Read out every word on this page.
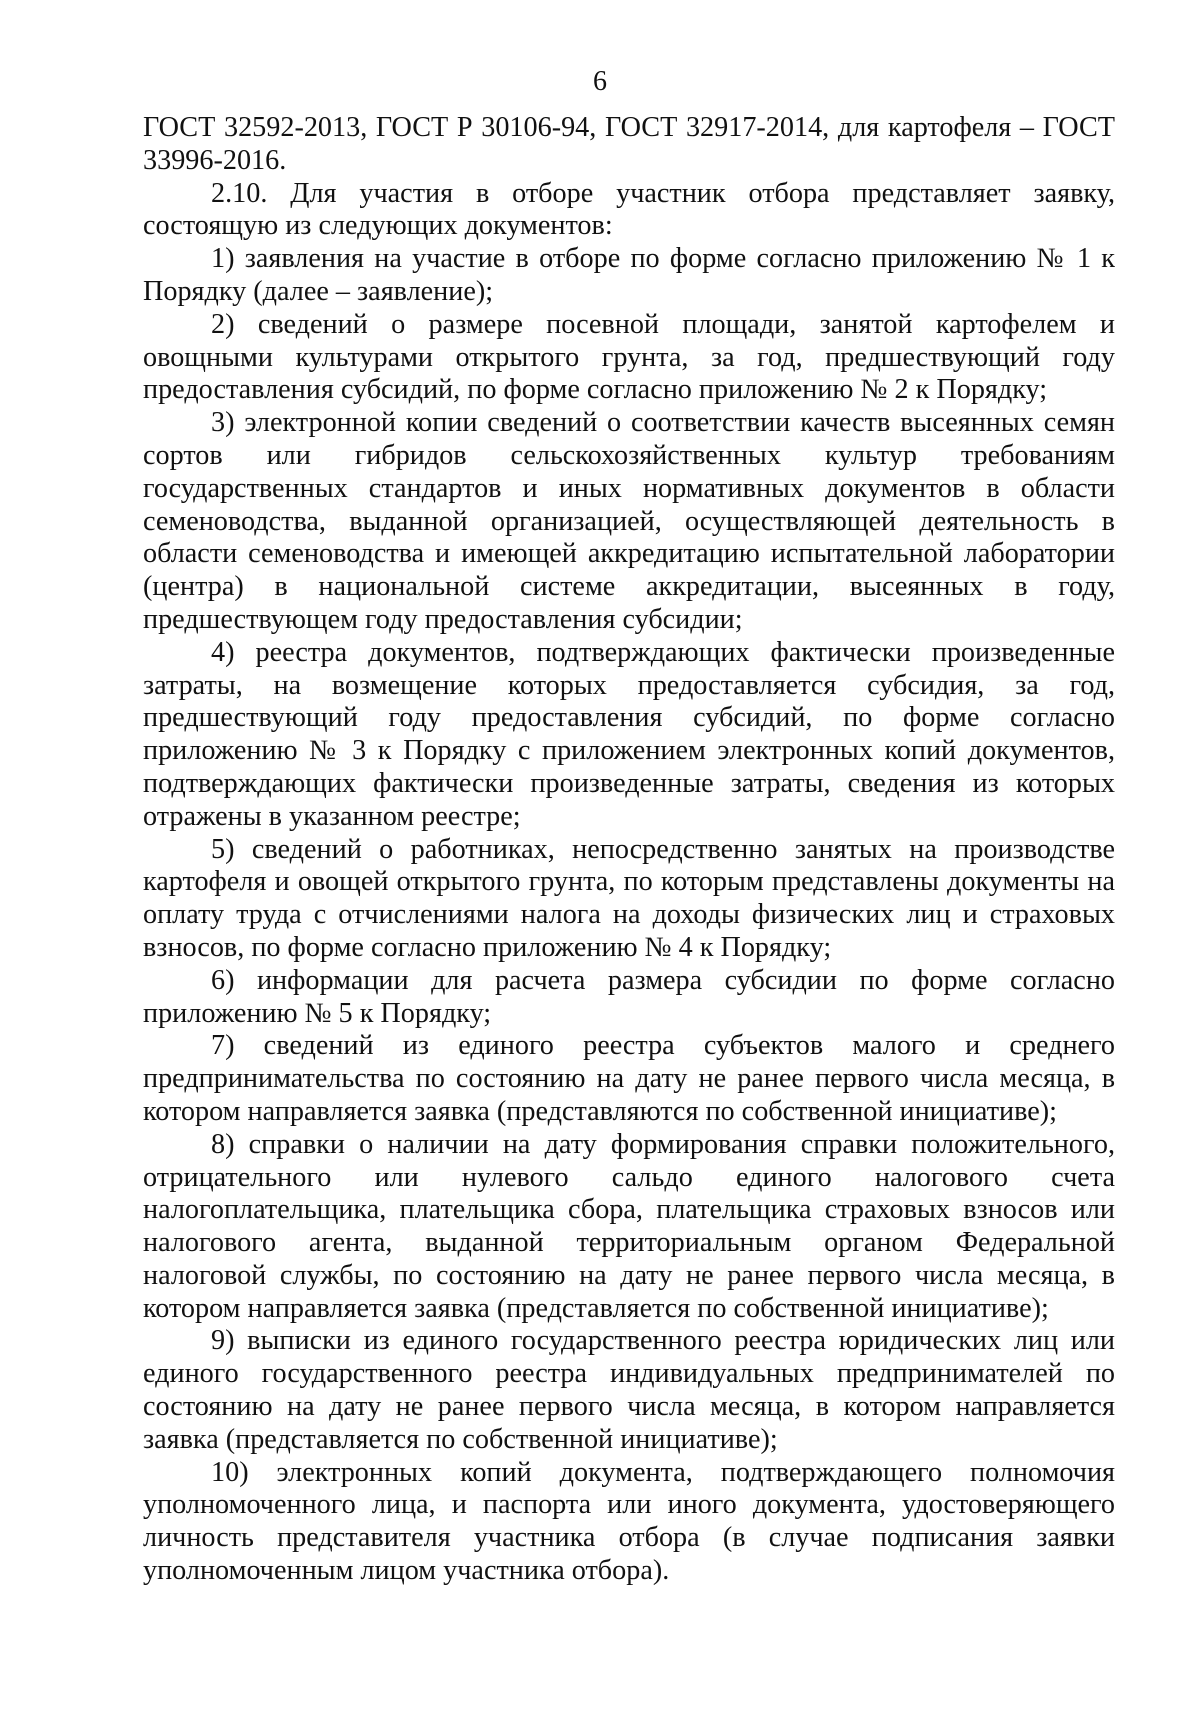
6

ГОСТ 32592-2013, ГОСТ Р 30106-94, ГОСТ 32917-2014, для картофеля – ГОСТ 33996-2016.

2.10. Для участия в отборе участник отбора представляет заявку, состоящую из следующих документов:

1) заявления на участие в отборе по форме согласно приложению № 1 к Порядку (далее – заявление);

2) сведений о размере посевной площади, занятой картофелем и овощными культурами открытого грунта, за год, предшествующий году предоставления субсидий, по форме согласно приложению № 2 к Порядку;

3) электронной копии сведений о соответствии качеств высеянных семян сортов или гибридов сельскохозяйственных культур требованиям государственных стандартов и иных нормативных документов в области семеноводства, выданной организацией, осуществляющей деятельность в области семеноводства и имеющей аккредитацию испытательной лаборатории (центра) в национальной системе аккредитации, высеянных в году, предшествующем году предоставления субсидии;

4) реестра документов, подтверждающих фактически произведенные затраты, на возмещение которых предоставляется субсидия, за год, предшествующий году предоставления субсидий, по форме согласно приложению № 3 к Порядку с приложением электронных копий документов, подтверждающих фактически произведенные затраты, сведения из которых отражены в указанном реестре;

5) сведений о работниках, непосредственно занятых на производстве картофеля и овощей открытого грунта, по которым представлены документы на оплату труда с отчислениями налога на доходы физических лиц и страховых взносов, по форме согласно приложению № 4 к Порядку;

6) информации для расчета размера субсидии по форме согласно приложению № 5 к Порядку;

7) сведений из единого реестра субъектов малого и среднего предпринимательства по состоянию на дату не ранее первого числа месяца, в котором направляется заявка (представляются по собственной инициативе);

8) справки о наличии на дату формирования справки положительного, отрицательного или нулевого сальдо единого налогового счета налогоплательщика, плательщика сбора, плательщика страховых взносов или налогового агента, выданной территориальным органом Федеральной налоговой службы, по состоянию на дату не ранее первого числа месяца, в котором направляется заявка (представляется по собственной инициативе);

9) выписки из единого государственного реестра юридических лиц или единого государственного реестра индивидуальных предпринимателей по состоянию на дату не ранее первого числа месяца, в котором направляется заявка (представляется по собственной инициативе);

10) электронных копий документа, подтверждающего полномочия уполномоченного лица, и паспорта или иного документа, удостоверяющего личность представителя участника отбора (в случае подписания заявки уполномоченным лицом участника отбора).
